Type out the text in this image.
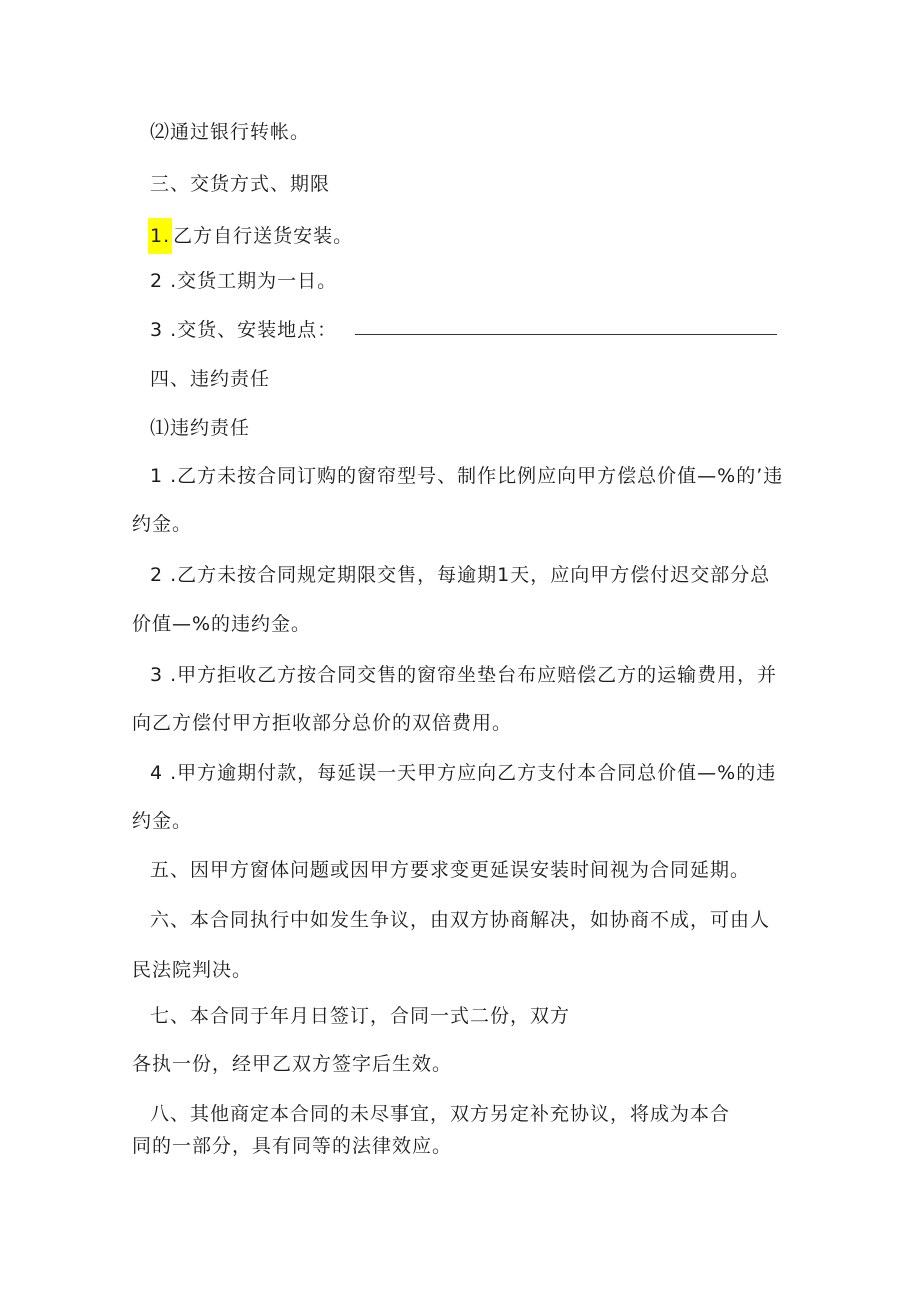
⑵通过银行转帐。
三、交货方式、期限
1. 乙方自行送货安装。
2 .交货工期为一日。
3 .交货、安装地点：
四、违约责任
⑴违约责任
1 .乙方未按合同订购的窗帘型号、制作比例应向甲方偿总价值—%的’违
约金。
2 .乙方未按合同规定期限交售，每逾期1天，应向甲方偿付迟交部分总
价值—%的违约金。
3 .甲方拒收乙方按合同交售的窗帘坐垫台布应赔偿乙方的运输费用，并
向乙方偿付甲方拒收部分总价的双倍费用。
4 .甲方逾期付款，每延误一天甲方应向乙方支付本合同总价值—%的违
约金。
五、因甲方窗体问题或因甲方要求变更延误安装时间视为合同延期。
六、本合同执行中如发生争议，由双方协商解决，如协商不成，可由人
民法院判决。
七、本合同于年月日签订，合同一式二份，双方
各执一份，经甲乙双方签字后生效。
八、其他商定本合同的未尽事宜，双方另定补充协议，将成为本合
同的一部分，具有同等的法律效应。
